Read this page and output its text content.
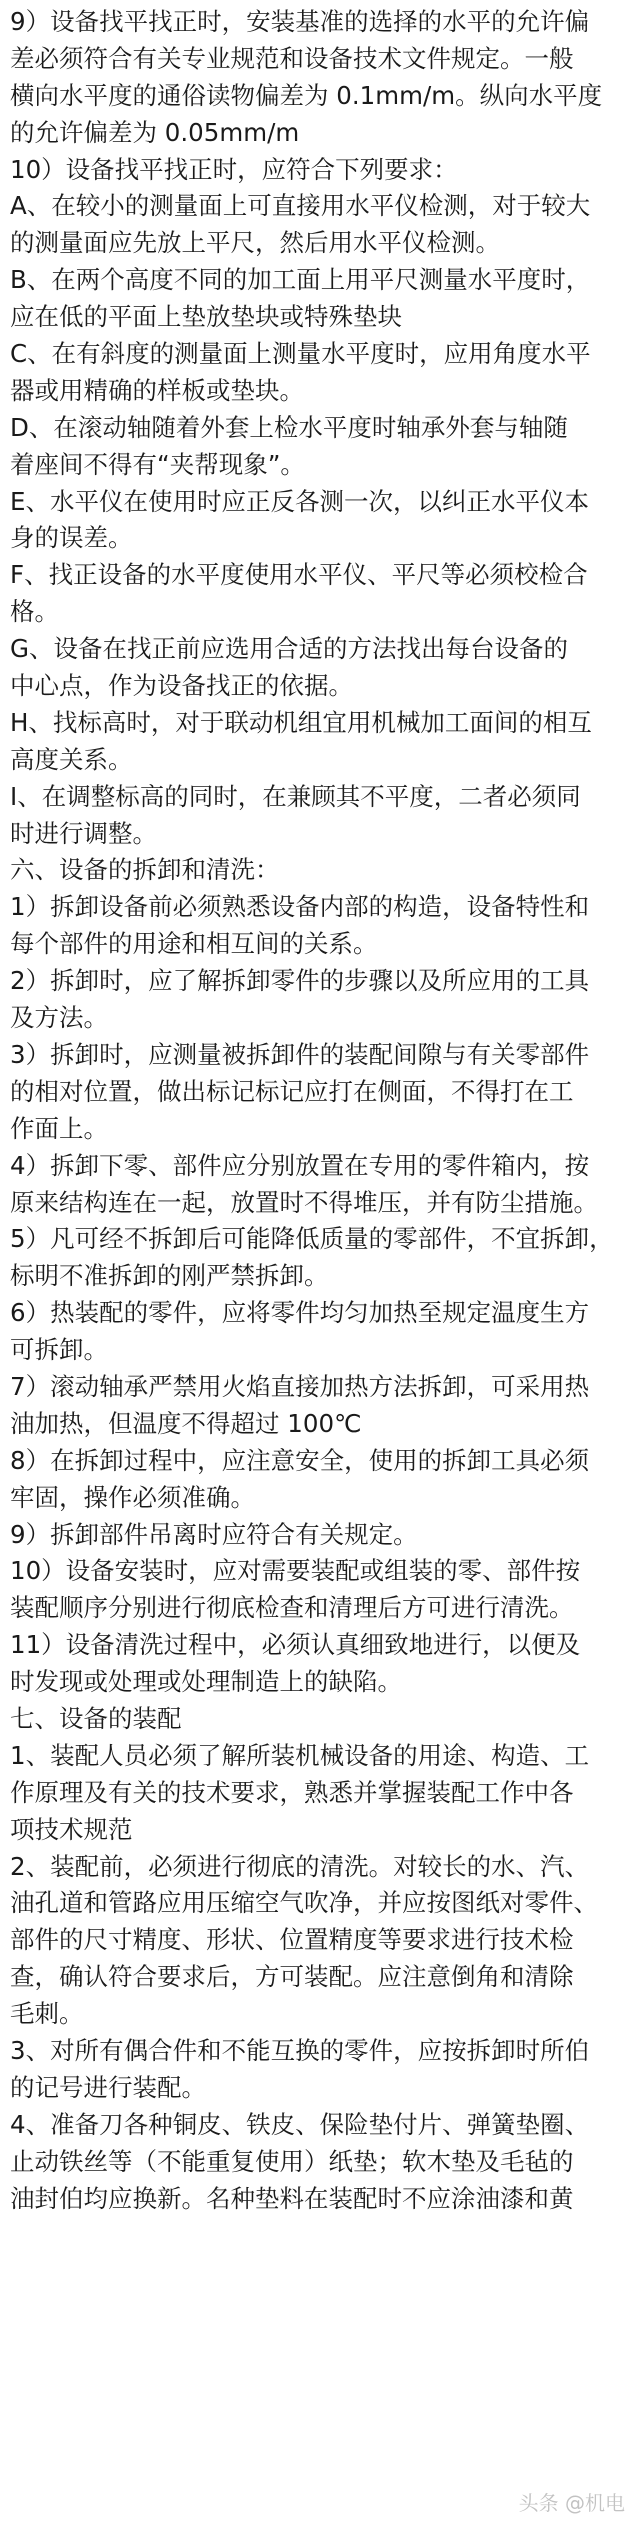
9）设备找平找正时，安装基准的选择的水平的允许偏
差必须符合有关专业规范和设备技术文件规定。一般
横向水平度的通俗读物偏差为 0.1mm/m。纵向水平度
的允许偏差为 0.05mm/m
10）设备找平找正时，应符合下列要求：
A、在较小的测量面上可直接用水平仪检测，对于较大
的测量面应先放上平尺，然后用水平仪检测。
B、在两个高度不同的加工面上用平尺测量水平度时，
应在低的平面上垫放垫块或特殊垫块
C、在有斜度的测量面上测量水平度时，应用角度水平
器或用精确的样板或垫块。
D、在滚动轴随着外套上检水平度时轴承外套与轴随
着座间不得有“夹帮现象”。
E、水平仪在使用时应正反各测一次，以纠正水平仪本
身的误差。
F、找正设备的水平度使用水平仪、平尺等必须校检合
格。
G、设备在找正前应选用合适的方法找出每台设备的
中心点，作为设备找正的依据。
H、找标高时，对于联动机组宜用机械加工面间的相互
高度关系。
I、在调整标高的同时，在兼顾其不平度，二者必须同
时进行调整。
六、设备的拆卸和清洗：
1）拆卸设备前必须熟悉设备内部的构造，设备特性和
每个部件的用途和相互间的关系。
2）拆卸时，应了解拆卸零件的步骤以及所应用的工具
及方法。
3）拆卸时，应测量被拆卸件的装配间隙与有关零部件
的相对位置，做出标记标记应打在侧面，不得打在工
作面上。
4）拆卸下零、部件应分别放置在专用的零件箱内，按
原来结构连在一起，放置时不得堆压，并有防尘措施。
5）凡可经不拆卸后可能降低质量的零部件，不宜拆卸，
标明不准拆卸的刚严禁拆卸。
6）热装配的零件，应将零件均匀加热至规定温度生方
可拆卸。
7）滚动轴承严禁用火焰直接加热方法拆卸，可采用热
油加热，但温度不得超过 100℃
8）在拆卸过程中，应注意安全，使用的拆卸工具必须
牢固，操作必须准确。
9）拆卸部件吊离时应符合有关规定。
10）设备安装时，应对需要装配或组装的零、部件按
装配顺序分别进行彻底检查和清理后方可进行清洗。
11）设备清洗过程中，必须认真细致地进行，以便及
时发现或处理或处理制造上的缺陷。
七、设备的装配
1、装配人员必须了解所装机械设备的用途、构造、工
作原理及有关的技术要求，熟悉并掌握装配工作中各
项技术规范
2、装配前，必须进行彻底的清洗。对较长的水、汽、
油孔道和管路应用压缩空气吹净，并应按图纸对零件、
部件的尺寸精度、形状、位置精度等要求进行技术检
查，确认符合要求后，方可装配。应注意倒角和清除
毛刺。
3、对所有偶合件和不能互换的零件，应按拆卸时所伯
的记号进行装配。
4、准备刀各种铜皮、铁皮、保险垫付片、弹簧垫圈、
止动铁丝等（不能重复使用）纸垫；软木垫及毛毡的
油封伯均应换新。名种垫料在装配时不应涂油漆和黄
头条 @机电
